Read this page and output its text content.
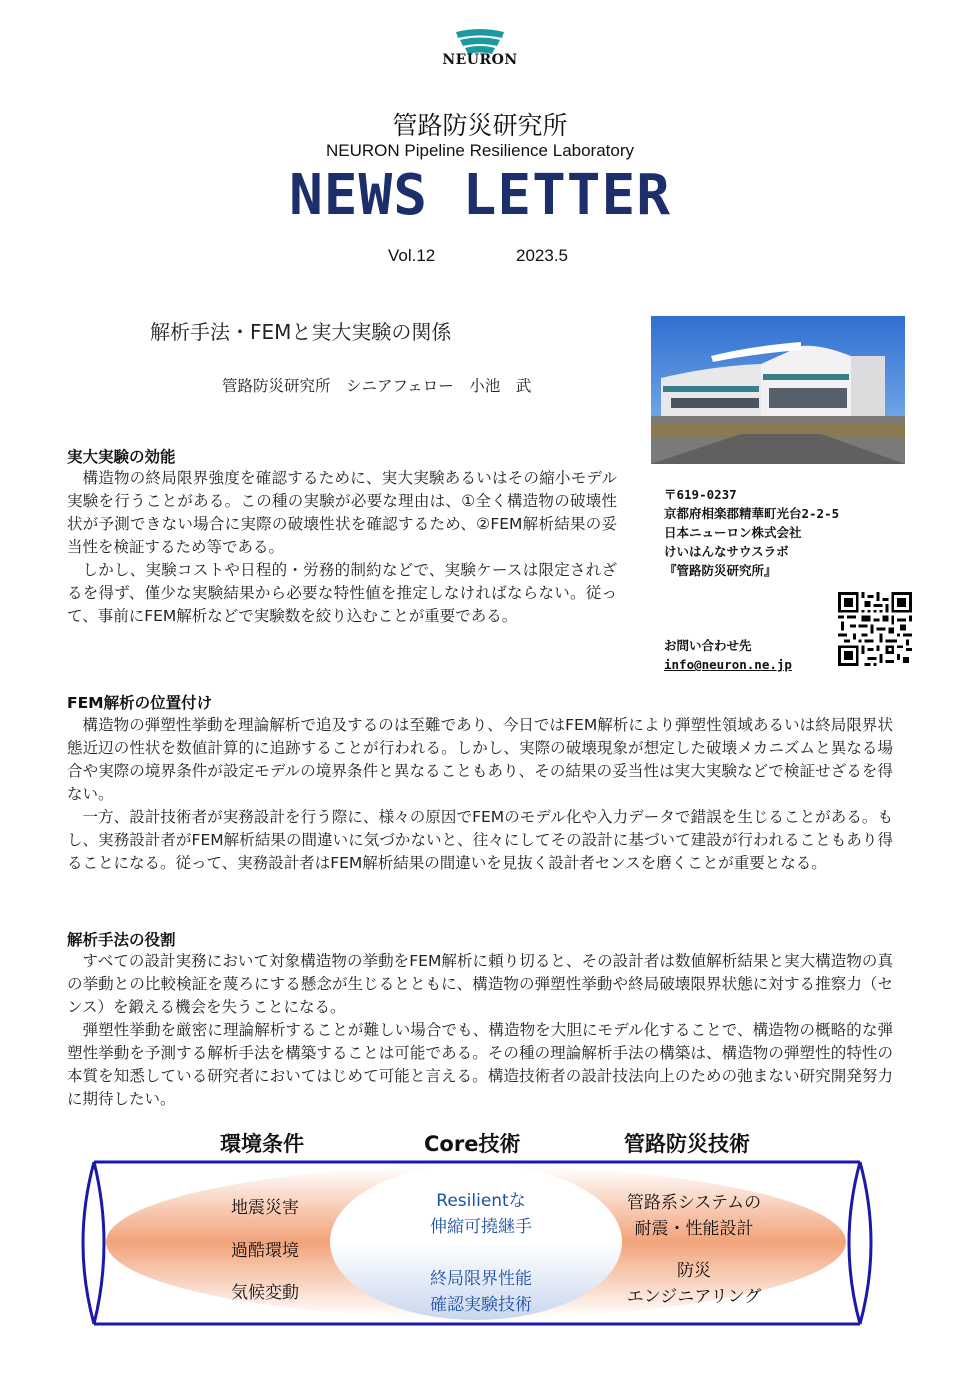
NEURON
管路防災研究所
NEURON Pipeline Resilience Laboratory
NEWS LETTER
Vol.12	2023.5
解析手法・FEMと実大実験の関係
管路防災研究所　シニアフェロー　小池　武
〒619-0237
京都府相楽郡精華町光台2-2-5
日本ニューロン株式会社
けいはんなサウスラボ
『管路防災研究所』
お問い合わせ先
info@neuron.ne.jp
実大実験の効能

構造物の終局限界強度を確認するために、実大実験あるいはその縮小モデル実験を行うことがある。この種の実験が必要な理由は、①全く構造物の破壊性状が予測できない場合に実際の破壊性状を確認するため、②FEM解析結果の妥当性を検証するため等である。

しかし、実験コストや日程的・労務的制約などで、実験ケースは限定されざるを得ず、僅少な実験結果から必要な特性値を推定しなければならない。従って、事前にFEM解析などで実験数を絞り込むことが重要である。

FEM解析の位置付け

構造物の弾塑性挙動を理論解析で追及するのは至難であり、今日ではFEM解析により弾塑性領域あるいは終局限界状態近辺の性状を数値計算的に追跡することが行われる。しかし、実際の破壊現象が想定した破壊メカニズムと異なる場合や実際の境界条件が設定モデルの境界条件と異なることもあり、その結果の妥当性は実大実験などで検証せざるを得ない。

一方、設計技術者が実務設計を行う際に、様々の原因でFEMのモデル化や入力データで錯誤を生じることがある。もし、実務設計者がFEM解析結果の間違いに気づかないと、往々にしてその設計に基づいて建設が行われることもあり得ることになる。従って、実務設計者はFEM解析結果の間違いを見抜く設計者センスを磨くことが重要となる。

解析手法の役割

すべての設計実務において対象構造物の挙動をFEM解析に頼り切ると、その設計者は数値解析結果と実大構造物の真の挙動との比較検証を蔑ろにする懸念が生じるとともに、構造物の弾塑性挙動や終局破壊限界状態に対する推察力（センス）を鍛える機会を失うことになる。

弾塑性挙動を厳密に理論解析することが難しい場合でも、構造物を大胆にモデル化することで、構造物の概略的な弾塑性挙動を予測する解析手法を構築することは可能である。その種の理論解析手法の構築は、構造物の弾塑性的特性の本質を知悉している研究者においてはじめて可能と言える。構造技術者の設計技法向上のための弛まない研究開発努力に期待したい。

環境条件	Core技術	管路防災技術
地震災害
過酷環境
気候変動
Resilientな
伸縮可撓継手
終局限界性能
確認実験技術
管路系システムの
耐震・性能設計
防災
エンジニアリング
